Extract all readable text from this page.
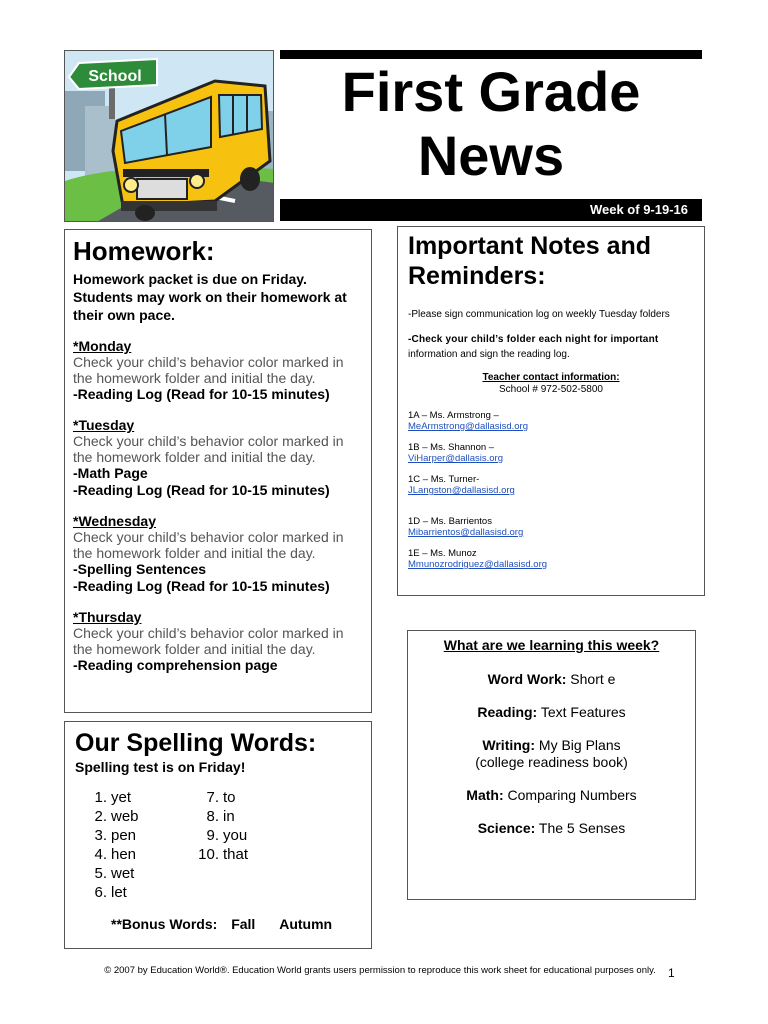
School	First Grade
News
Week of 9-19-16
Homework:
Homework packet is due on Friday. Students may work on their homework at their own pace.
*Monday
Check your child’s behavior color marked in the homework folder and initial the day.
-Reading Log (Read for 10-15 minutes)
*Tuesday
Check your child’s behavior color marked in the homework folder and initial the day.
-Math Page
-Reading Log (Read for 10-15 minutes)
*Wednesday
Check your child’s behavior color marked in the homework folder and initial the day.
-Spelling Sentences
-Reading Log (Read for 10-15 minutes)
*Thursday
Check your child’s behavior color marked in the homework folder and initial the day.
-Reading comprehension page
Important Notes and Reminders:
-Please sign communication log on weekly Tuesday folders
-Check your child’s folder each night for important information and sign the reading log.
Teacher contact information:
School # 972-502-5800
1A – Ms. Armstrong –
MeArmstrong@dallasisd.org
1B – Ms. Shannon –
ViHarper@dallasis.org
1C – Ms. Turner-
JLangston@dallasisd.org
1D – Ms. Barrientos
Mibarrientos@dallasisd.org
1E – Ms. Munoz
Mmunozrodriguez@dallasisd.org
What are we learning this week?
Word Work: Short e
Reading: Text Features
Writing: My Big Plans
(college readiness book)
Math: Comparing Numbers
Science: The 5 Senses
Our Spelling Words:
Spelling test is on Friday!
1. yet
2. web
3. pen
4. hen
5. wet
6. let
7. to
8. in
9. you
10. that
**Bonus Words: Fall Autumn
© 2007 by Education World®. Education World grants users permission to reproduce this work sheet for educational purposes only.	1
